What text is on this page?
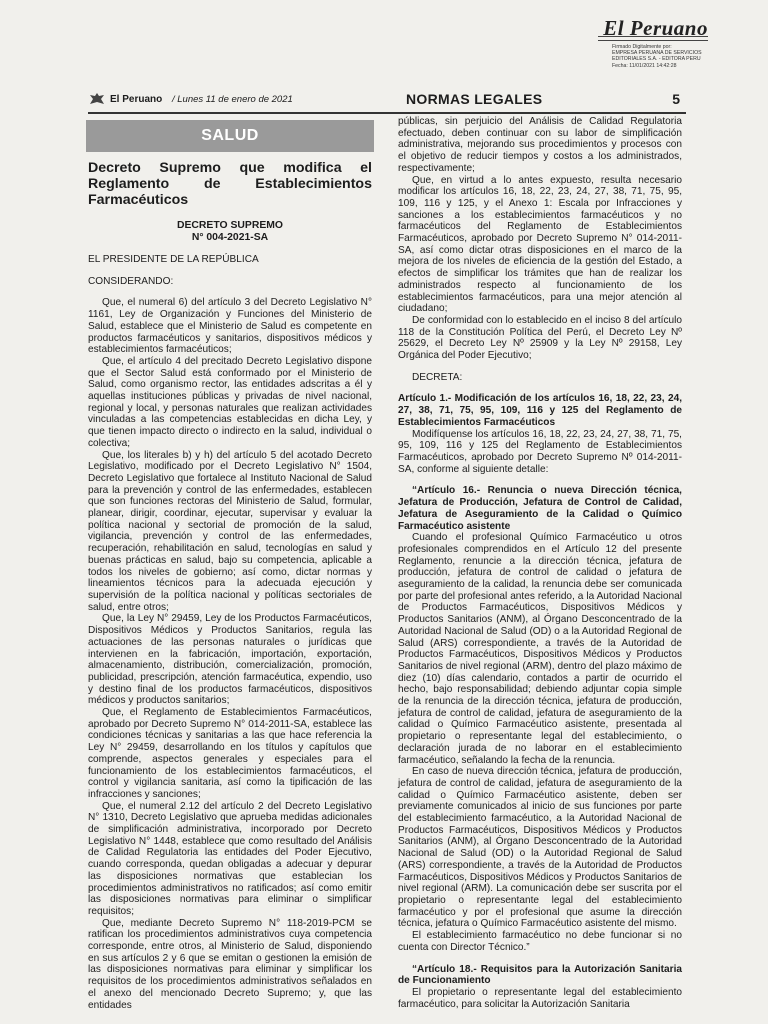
El Peruano
Firmado Digitalmente por:
EMPRESA PERUANA DE SERVICIOS
EDITORIALES S.A. - EDITORA PERU
Fecha: 11/01/2021 14:42:28
El Peruano / Lunes 11 de enero de 2021	NORMAS LEGALES	5
SALUD
Decreto Supremo que modifica el Reglamento de Establecimientos Farmacéuticos
DECRETO SUPREMO
N° 004-2021-SA

EL PRESIDENTE DE LA REPÚBLICA

CONSIDERANDO:

Que, el numeral 6) del artículo 3 del Decreto Legislativo N° 1161, Ley de Organización y Funciones del Ministerio de Salud, establece que el Ministerio de Salud es competente en productos farmacéuticos y sanitarios, dispositivos médicos y establecimientos farmacéuticos;

Que, el artículo 4 del precitado Decreto Legislativo dispone que el Sector Salud está conformado por el Ministerio de Salud, como organismo rector, las entidades adscritas a él y aquellas instituciones públicas y privadas de nivel nacional, regional y local, y personas naturales que realizan actividades vinculadas a las competencias establecidas en dicha Ley, y que tienen impacto directo o indirecto en la salud, individual o colectiva;

Que, los literales b) y h) del artículo 5 del acotado Decreto Legislativo, modificado por el Decreto Legislativo N° 1504, Decreto Legislativo que fortalece al Instituto Nacional de Salud para la prevención y control de las enfermedades, establecen que son funciones rectoras del Ministerio de Salud, formular, planear, dirigir, coordinar, ejecutar, supervisar y evaluar la política nacional y sectorial de promoción de la salud, vigilancia, prevención y control de las enfermedades, recuperación, rehabilitación en salud, tecnologías en salud y buenas prácticas en salud, bajo su competencia, aplicable a todos los niveles de gobierno; así como, dictar normas y lineamientos técnicos para la adecuada ejecución y supervisión de la política nacional y políticas sectoriales de salud, entre otros;

Que, la Ley N° 29459, Ley de los Productos Farmacéuticos, Dispositivos Médicos y Productos Sanitarios, regula las actuaciones de las personas naturales o jurídicas que intervienen en la fabricación, importación, exportación, almacenamiento, distribución, comercialización, promoción, publicidad, prescripción, atención farmacéutica, expendio, uso y destino final de los productos farmacéuticos, dispositivos médicos y productos sanitarios;

Que, el Reglamento de Establecimientos Farmacéuticos, aprobado por Decreto Supremo N° 014-2011-SA, establece las condiciones técnicas y sanitarias a las que hace referencia la Ley N° 29459, desarrollando en los títulos y capítulos que comprende, aspectos generales y especiales para el funcionamiento de los establecimientos farmacéuticos, el control y vigilancia sanitaria, así como la tipificación de las infracciones y sanciones;

Que, el numeral 2.12 del artículo 2 del Decreto Legislativo N° 1310, Decreto Legislativo que aprueba medidas adicionales de simplificación administrativa, incorporado por Decreto Legislativo N° 1448, establece que como resultado del Análisis de Calidad Regulatoria las entidades del Poder Ejecutivo, cuando corresponda, quedan obligadas a adecuar y depurar las disposiciones normativas que establecian los procedimientos administrativos no ratificados; así como emitir las disposiciones normativas para eliminar o simplificar requisitos;

Que, mediante Decreto Supremo N° 118-2019-PCM se ratifican los procedimientos administrativos cuya competencia corresponde, entre otros, al Ministerio de Salud, disponiendo en sus artículos 2 y 6 que se emitan o gestionen la emisión de las disposiciones normativas para eliminar y simplificar los requisitos de los procedimientos administrativos señalados en el anexo del mencionado Decreto Supremo; y, que las entidades

públicas, sin perjuicio del Análisis de Calidad Regulatoria efectuado, deben continuar con su labor de simplificación administrativa, mejorando sus procedimientos y procesos con el objetivo de reducir tiempos y costos a los administrados, respectivamente;

Que, en virtud a lo antes expuesto, resulta necesario modificar los artículos 16, 18, 22, 23, 24, 27, 38, 71, 75, 95, 109, 116 y 125, y el Anexo 1: Escala por Infracciones y sanciones a los establecimientos farmacéuticos y no farmacéuticos del Reglamento de Establecimientos Farmacéuticos, aprobado por Decreto Supremo N° 014-2011-SA, así como dictar otras disposiciones en el marco de la mejora de los niveles de eficiencia de la gestión del Estado, a efectos de simplificar los trámites que han de realizar los administrados respecto al funcionamiento de los establecimientos farmacéuticos, para una mejor atención al ciudadano;

De conformidad con lo establecido en el inciso 8 del artículo 118 de la Constitución Política del Perú, el Decreto Ley Nº 25629, el Decreto Ley Nº 25909 y la Ley Nº 29158, Ley Orgánica del Poder Ejecutivo;

DECRETA:

Artículo 1.- Modificación de los artículos 16, 18, 22, 23, 24, 27, 38, 71, 75, 95, 109, 116 y 125 del Reglamento de Establecimientos Farmacéuticos

Modifíquense los artículos 16, 18, 22, 23, 24, 27, 38, 71, 75, 95, 109, 116 y 125 del Reglamento de Establecimientos Farmacéuticos, aprobado por Decreto Supremo Nº 014-2011-SA, conforme al siguiente detalle:

“Artículo 16.- Renuncia o nueva Dirección técnica, Jefatura de Producción, Jefatura de Control de Calidad, Jefatura de Aseguramiento de la Calidad o Químico Farmacéutico asistente

Cuando el profesional Químico Farmacéutico u otros profesionales comprendidos en el Artículo 12 del presente Reglamento, renuncie a la dirección técnica, jefatura de producción, jefatura de control de calidad o jefatura de aseguramiento de la calidad, la renuncia debe ser comunicada por parte del profesional antes referido, a la Autoridad Nacional de Productos Farmacéuticos, Dispositivos Médicos y Productos Sanitarios (ANM), al Órgano Desconcentrado de la Autoridad Nacional de Salud (OD) o a la Autoridad Regional de Salud (ARS) correspondiente, a través de la Autoridad de Productos Farmacéuticos, Dispositivos Médicos y Productos Sanitarios de nivel regional (ARM), dentro del plazo máximo de diez (10) días calendario, contados a partir de ocurrido el hecho, bajo responsabilidad; debiendo adjuntar copia simple de la renuncia de la dirección técnica, jefatura de producción, jefatura de control de calidad, jefatura de aseguramiento de la calidad o Químico Farmacéutico asistente, presentada al propietario o representante legal del establecimiento, o declaración jurada de no laborar en el establecimiento farmacéutico, señalando la fecha de la renuncia.

En caso de nueva dirección técnica, jefatura de producción, jefatura de control de calidad, jefatura de aseguramiento de la calidad o Químico Farmacéutico asistente, deben ser previamente comunicados al inicio de sus funciones por parte del establecimiento farmacéutico, a la Autoridad Nacional de Productos Farmacéuticos, Dispositivos Médicos y Productos Sanitarios (ANM), al Órgano Desconcentrado de la Autoridad Nacional de Salud (OD) o la Autoridad Regional de Salud (ARS) correspondiente, a través de la Autoridad de Productos Farmacéuticos, Dispositivos Médicos y Productos Sanitarios de nivel regional (ARM). La comunicación debe ser suscrita por el propietario o representante legal del establecimiento farmacéutico y por el profesional que asume la dirección técnica, jefatura o Químico Farmacéutico asistente del mismo.

El establecimiento farmacéutico no debe funcionar si no cuenta con Director Técnico.”

“Artículo 18.- Requisitos para la Autorización Sanitaria de Funcionamiento

El propietario o representante legal del establecimiento farmacéutico, para solicitar la Autorización Sanitaria
